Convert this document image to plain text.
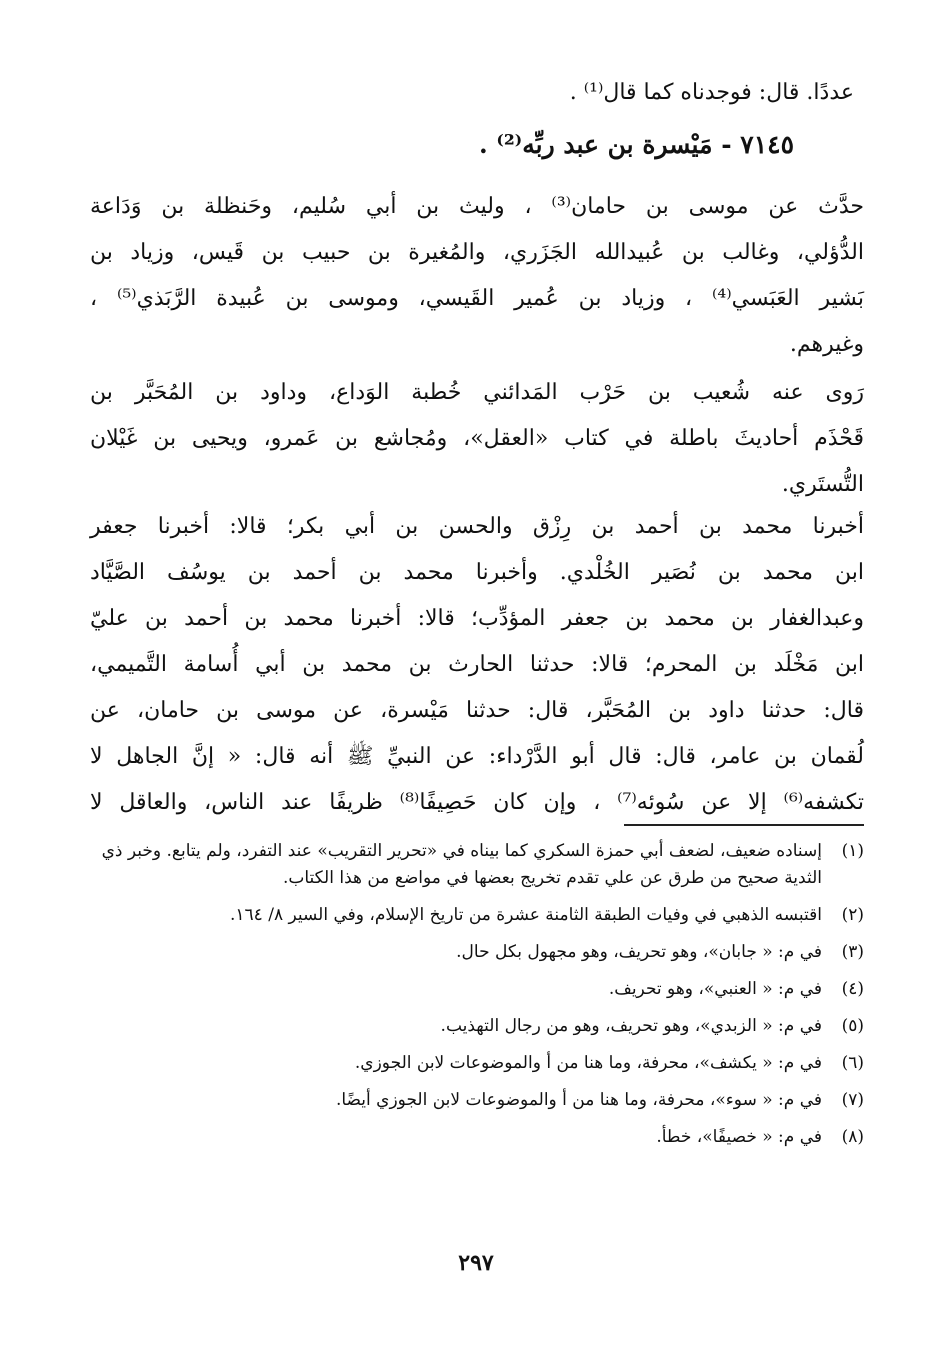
عددًا. قال: فوجدناه كما قال⁽¹⁾ .
٧١٤٥ - مَيْسرة بن عبد ربِّه⁽²⁾ .
حدَّث عن موسى بن حامان⁽³⁾ ، وليث بن أبي سُليم، وحَنظلة بن وَدَاعة
الدُّؤلي، وغالب بن عُبيدالله الجَزَري، والمُغيرة بن حبيب بن قَيس، وزياد بن
بَشير العَبَسي⁽⁴⁾ ، وزياد بن عُمير القَيسي، وموسى بن عُبيدة الرَّبَذي⁽⁵⁾ ،
وغيرهم.
رَوى عنه شُعيب بن حَرْب المَدائني خُطبة الوَداع، وداود بن المُحَبَّر بن
قَحْذَم أحاديثَ باطلة في كتاب «العقل»، ومُجاشع بن عَمرو، ويحيى بن غَيْلان
التُّستَري.
أخبرنا محمد بن أحمد بن رِزْق والحسن بن أبي بكر؛ قالا: أخبرنا جعفر
ابن محمد بن نُصَير الخُلْدي. وأخبرنا محمد بن أحمد بن يوسُف الصَّيَّاد
وعبدالغفار بن محمد بن جعفر المؤدِّب؛ قالا: أخبرنا محمد بن أحمد بن عليّ
ابن مَخْلَد بن المحرم؛ قالا: حدثنا الحارث بن محمد بن أبي أُسامة التَّميمي،
قال: حدثنا داود بن المُحَبَّر، قال: حدثنا مَيْسرة، عن موسى بن حامان، عن
لُقمان بن عامر، قال: قال أبو الدَّرْداء: عن النبيِّ ﷺ أنه قال: « إنَّ الجاهل لا
تكشفه⁽⁶⁾ إلا عن سُوئه⁽⁷⁾ ، وإن كان حَصِيفًا⁽⁸⁾ ظريفًا عند الناس، والعاقل لا
(١)
إسناده ضعيف، لضعف أبي حمزة السكري كما بيناه في «تحرير التقريب» عند التفرد، ولم يتابع. وخبر ذي الثدية صحيح من طرق عن علي تقدم تخريج بعضها في مواضع من هذا الكتاب.
(٢)
اقتبسه الذهبي في وفيات الطبقة الثامنة عشرة من تاريخ الإسلام، وفي السير ٨/ ١٦٤.
(٣)
في م: « جابان»، وهو تحريف، وهو مجهول بكل حال.
(٤)
في م: « العنبي»، وهو تحريف.
(٥)
في م: « الزبدي»، وهو تحريف، وهو من رجال التهذيب.
(٦)
في م: « يكشف»، محرفة، وما هنا من أ والموضوعات لابن الجوزي.
(٧)
في م: « سوء»، محرفة، وما هنا من أ والموضوعات لابن الجوزي أيضًا.
(٨)
في م: « خصيفًا»، خطأ.
٢٩٧
